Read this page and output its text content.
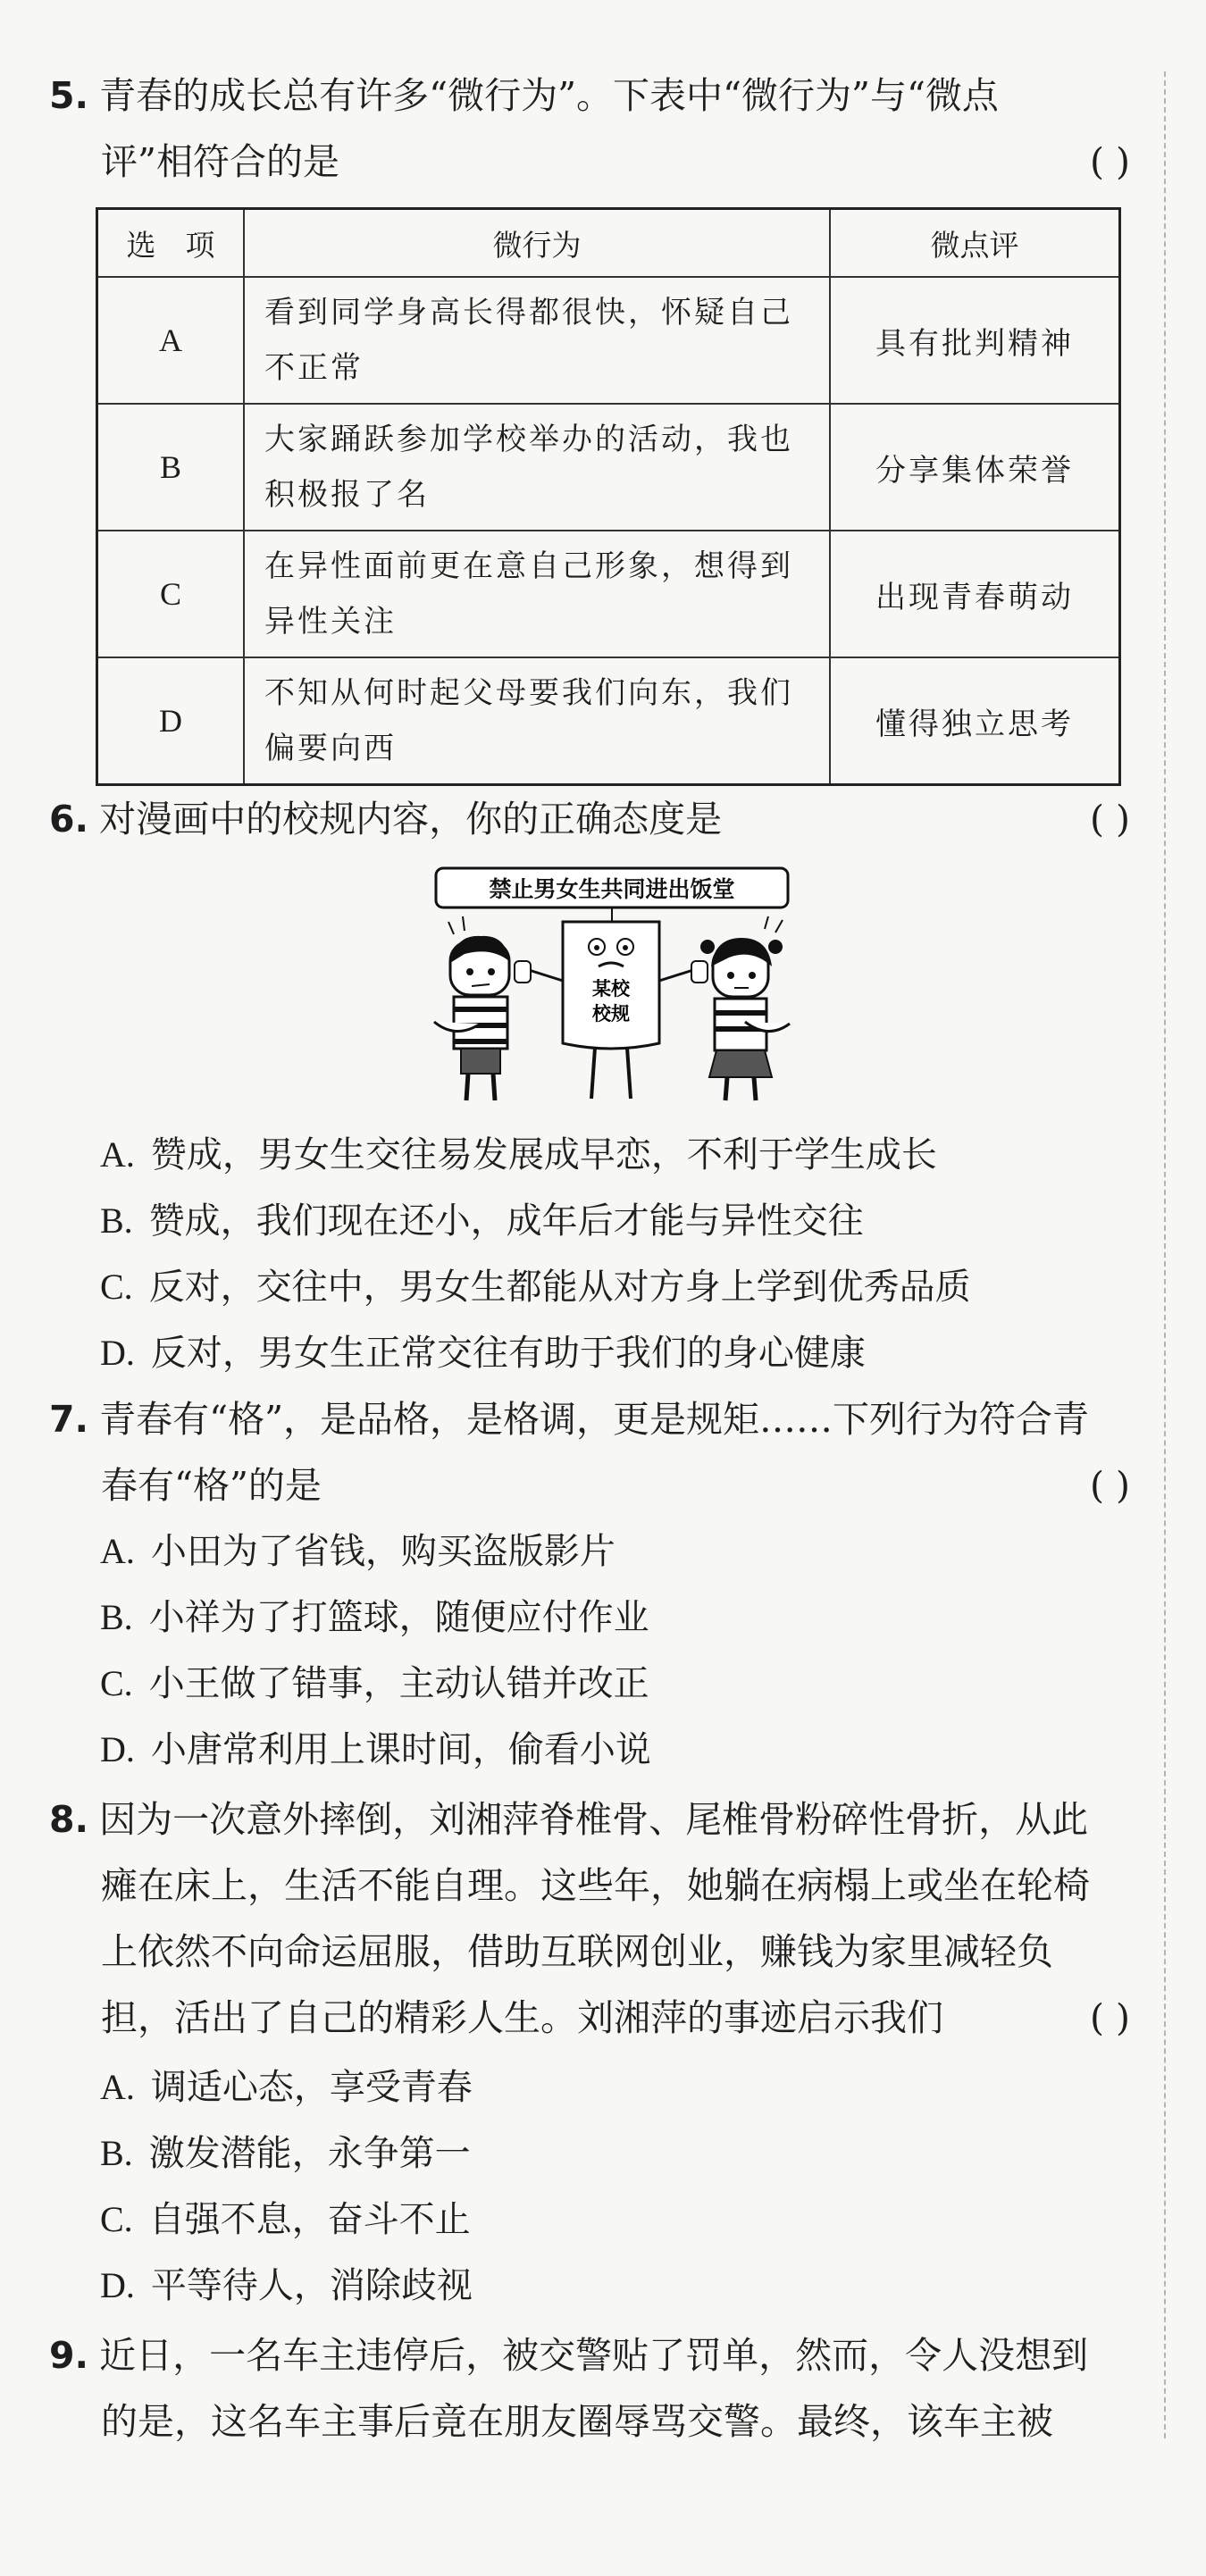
5. 青春的成长总有许多“微行为”。下表中“微行为”与“微点
评”相符合的是	( )
选　项	微行为	微点评
A	看到同学身高长得都很快，怀疑自己不正常	具有批判精神
B	大家踊跃参加学校举办的活动，我也积极报了名	分享集体荣誉
C	在异性面前更在意自己形象，想得到异性关注	出现青春萌动
D	不知从何时起父母要我们向东，我们偏要向西	懂得独立思考
6. 对漫画中的校规内容，你的正确态度是	( )
禁止男女生共同进出饭堂
某校
校规
A. 赞成，男女生交往易发展成早恋，不利于学生成长
B. 赞成，我们现在还小，成年后才能与异性交往
C. 反对，交往中，男女生都能从对方身上学到优秀品质
D. 反对，男女生正常交往有助于我们的身心健康
7. 青春有“格”，是品格，是格调，更是规矩……下列行为符合青
春有“格”的是	( )
A. 小田为了省钱，购买盗版影片
B. 小祥为了打篮球，随便应付作业
C. 小王做了错事，主动认错并改正
D. 小唐常利用上课时间，偷看小说
8. 因为一次意外摔倒，刘湘萍脊椎骨、尾椎骨粉碎性骨折，从此
瘫在床上，生活不能自理。这些年，她躺在病榻上或坐在轮椅
上依然不向命运屈服，借助互联网创业，赚钱为家里减轻负
担，活出了自己的精彩人生。刘湘萍的事迹启示我们	( )
A. 调适心态，享受青春
B. 激发潜能，永争第一
C. 自强不息，奋斗不止
D. 平等待人，消除歧视
9. 近日，一名车主违停后，被交警贴了罚单，然而，令人没想到
的是，这名车主事后竟在朋友圈辱骂交警。最终，该车主被
